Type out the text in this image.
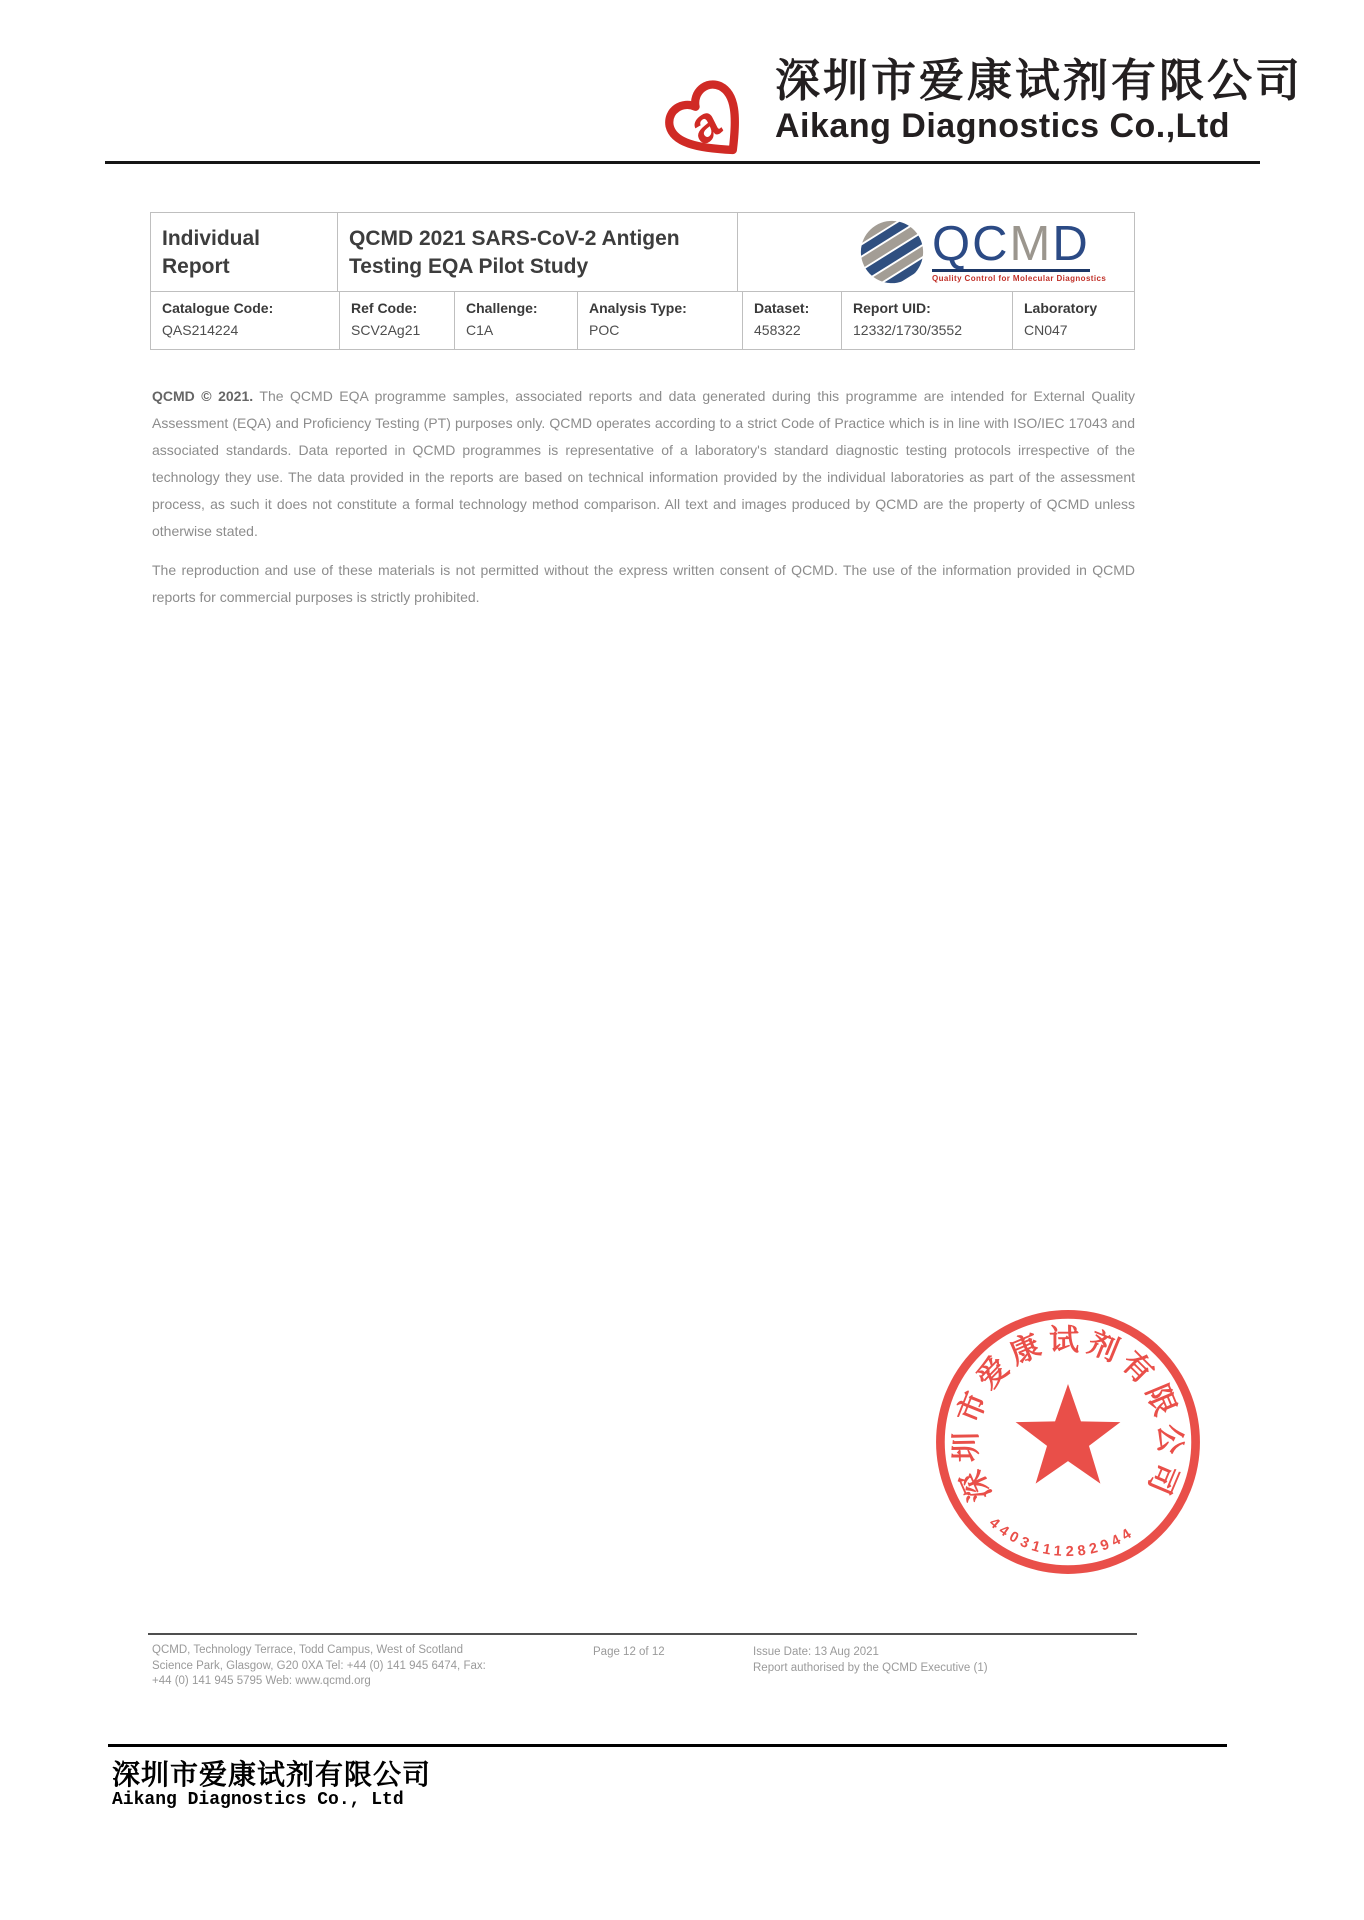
a
深圳市爱康试剂有限公司
Aikang Diagnostics Co.,Ltd
Individual Report
QCMD 2021 SARS-CoV-2 Antigen Testing EQA Pilot Study	QCMD
Quality Control for Molecular Diagnostics
Catalogue Code:
QAS214224
Ref Code:
SCV2Ag21
Challenge:
C1A
Analysis Type:
POC
Dataset:
458322
Report UID:
12332/1730/3552
Laboratory
CN047

QCMD © 2021. The QCMD EQA programme samples, associated reports and data generated during this programme are intended for External Quality Assessment (EQA) and Proficiency Testing (PT) purposes only. QCMD operates according to a strict Code of Practice which is in line with ISO/IEC 17043 and associated standards. Data reported in QCMD programmes is representative of a laboratory's standard diagnostic testing protocols irrespective of the technology they use. The data provided in the reports are based on technical information provided by the individual laboratories as part of the assessment process, as such it does not constitute a formal technology method comparison. All text and images produced by QCMD are the property of QCMD unless otherwise stated.

The reproduction and use of these materials is not permitted without the express written consent of QCMD. The use of the information provided in QCMD reports for commercial purposes is strictly prohibited.

深圳市爱康试剂有限公司
4403111282944
QCMD, Technology Terrace, Todd Campus, West of Scotland Science Park, Glasgow, G20 0XA Tel: +44 (0) 141 945 6474, Fax: +44 (0) 141 945 5795 Web: www.qcmd.org
Page 12 of 12	Issue Date: 13 Aug 2021
Report authorised by the QCMD Executive (1)
深圳市爱康试剂有限公司
Aikang Diagnostics Co., Ltd
